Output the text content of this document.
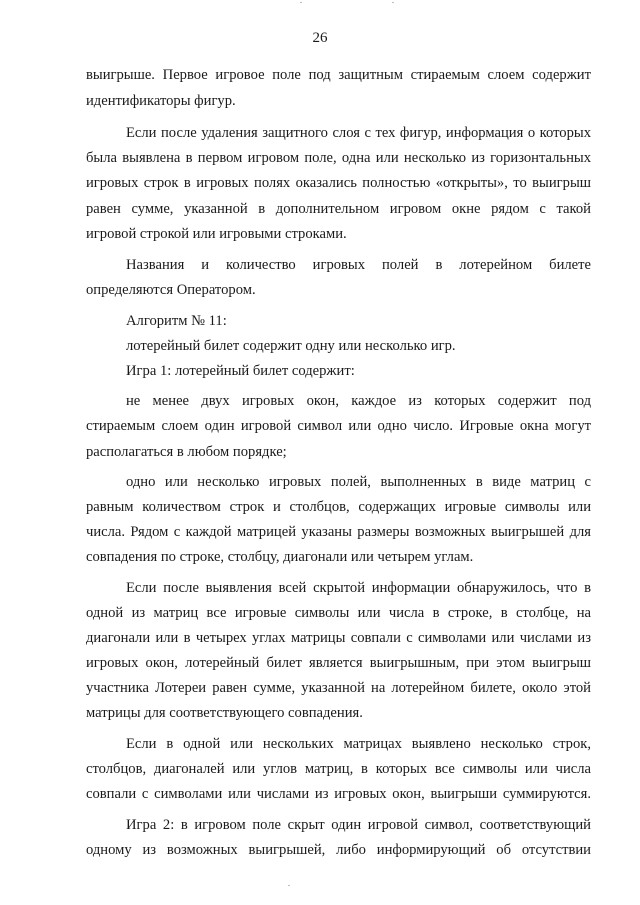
26
выигрыше. Первое игровое поле под защитным стираемым слоем содержит
идентификаторы фигур.
Если после удаления защитного слоя с тех фигур, информация о которых
была выявлена в первом игровом поле, одна или несколько из горизонтальных
игровых строк в игровых полях оказались полностью «открыты», то выигрыш
равен сумме, указанной в дополнительном игровом окне рядом с такой
игровой строкой или игровыми строками.
Названия и количество игровых полей в лотерейном билете
определяются Оператором.
Алгоритм № 11:
лотерейный билет содержит одну или несколько игр.
Игра 1: лотерейный билет содержит:
не менее двух игровых окон, каждое из которых содержит под
стираемым слоем один игровой символ или одно число. Игровые окна могут
располагаться в любом порядке;
одно или несколько игровых полей, выполненных в виде матриц с
равным количеством строк и столбцов, содержащих игровые символы или
числа. Рядом с каждой матрицей указаны размеры возможных выигрышей для
совпадения по строке, столбцу, диагонали или четырем углам.
Если после выявления всей скрытой информации обнаружилось, что в
одной из матриц все игровые символы или числа в строке, в столбце, на
диагонали или в четырех углах матрицы совпали с символами или числами из
игровых окон, лотерейный билет является выигрышным, при этом выигрыш
участника Лотереи равен сумме, указанной на лотерейном билете, около этой
матрицы для соответствующего совпадения.
Если в одной или нескольких матрицах выявлено несколько строк,
столбцов, диагоналей или углов матриц, в которых все символы или числа
совпали с символами или числами из игровых окон, выигрыши суммируются.
Игра 2: в игровом поле скрыт один игровой символ, соответствующий
одному из возможных выигрышей, либо информирующий об отсутствии
